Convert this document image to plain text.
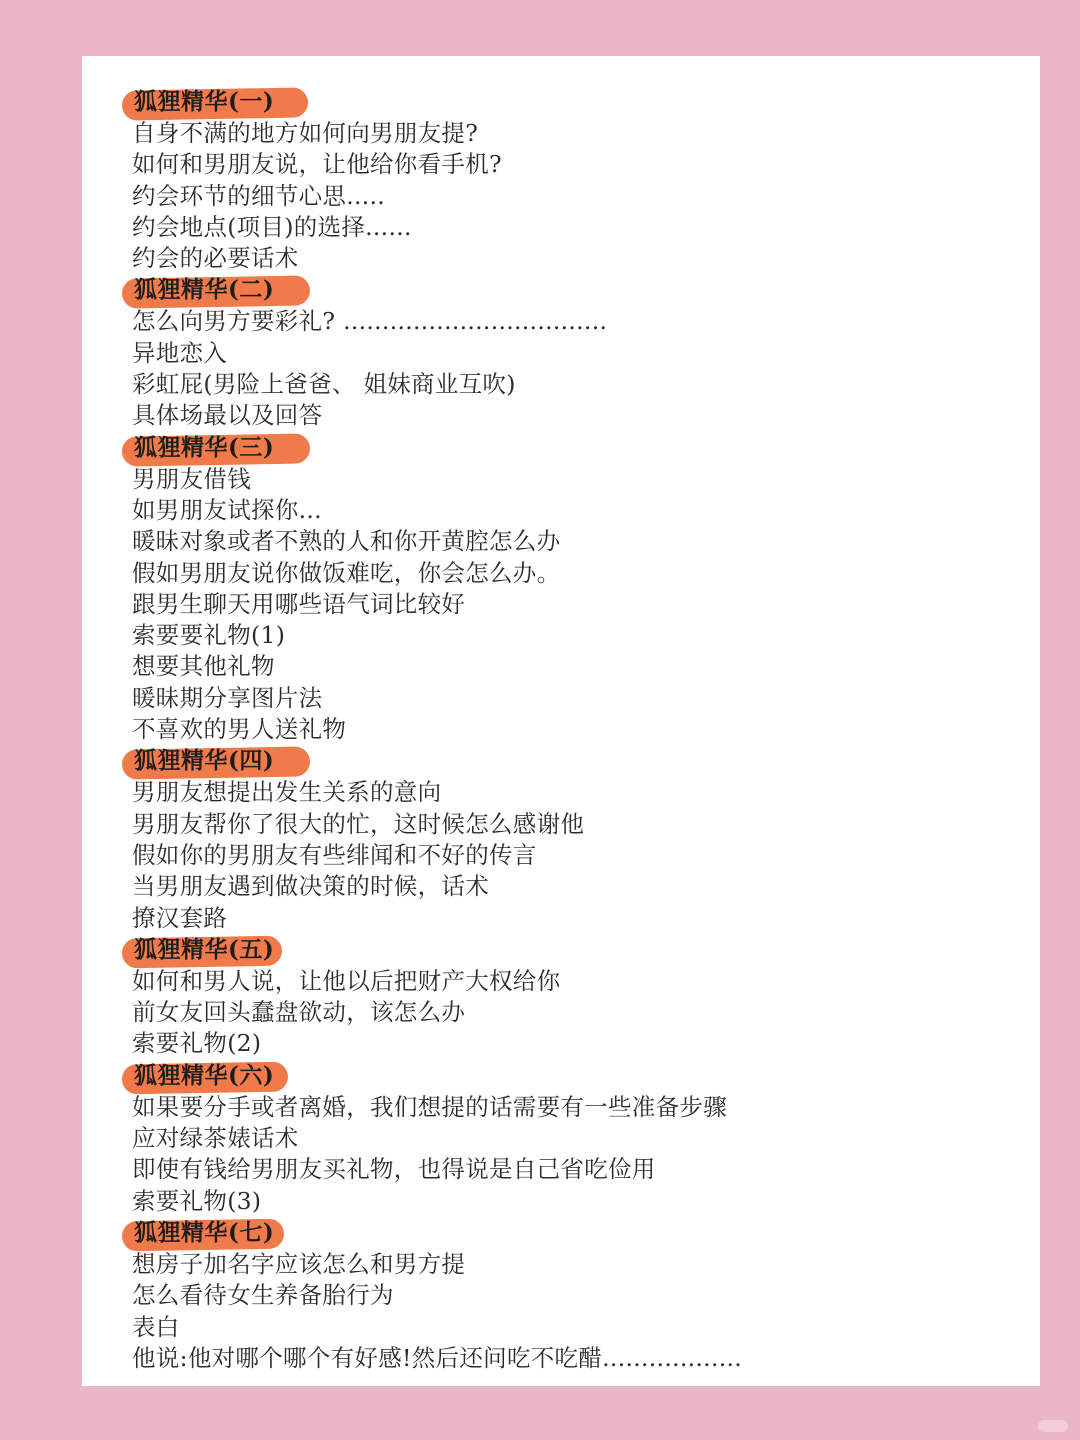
狐狸精华(一)
自身不满的地方如何向男朋友提?
如何和男朋友说，让他给你看手机?
约会环节的细节心思.....
约会地点(项目)的选择......
约会的必要话术
狐狸精华(二)
怎么向男方要彩礼? ..................................
异地恋入
彩虹屁(男险上爸爸、 姐妹商业互吹)
具体场最以及回答
狐狸精华(三)
男朋友借钱
如男朋友试探你...
暖昧对象或者不熟的人和你开黄腔怎么办
假如男朋友说你做饭难吃，你会怎么办。
跟男生聊天用哪些语气词比较好
索要要礼物(1)
想要其他礼物
暖昧期分享图片法
不喜欢的男人送礼物
狐狸精华(四)
男朋友想提出发生关系的意向
男朋友帮你了很大的忙，这时候怎么感谢他
假如你的男朋友有些绯闻和不好的传言
当男朋友遇到做决策的时候，话术
撩汉套路
狐狸精华(五)
如何和男人说，让他以后把财产大权给你
前女友回头蠢盘欲动，该怎么办
索要礼物(2)
狐狸精华(六)
如果要分手或者离婚，我们想提的话需要有一些准备步骤
应对绿茶婊话术
即使有钱给男朋友买礼物，也得说是自己省吃俭用
索要礼物(3)
狐狸精华(七)
想房子加名字应该怎么和男方提
怎么看待女生养备胎行为
表白
他说:他对哪个哪个有好感!然后还问吃不吃醋..................
